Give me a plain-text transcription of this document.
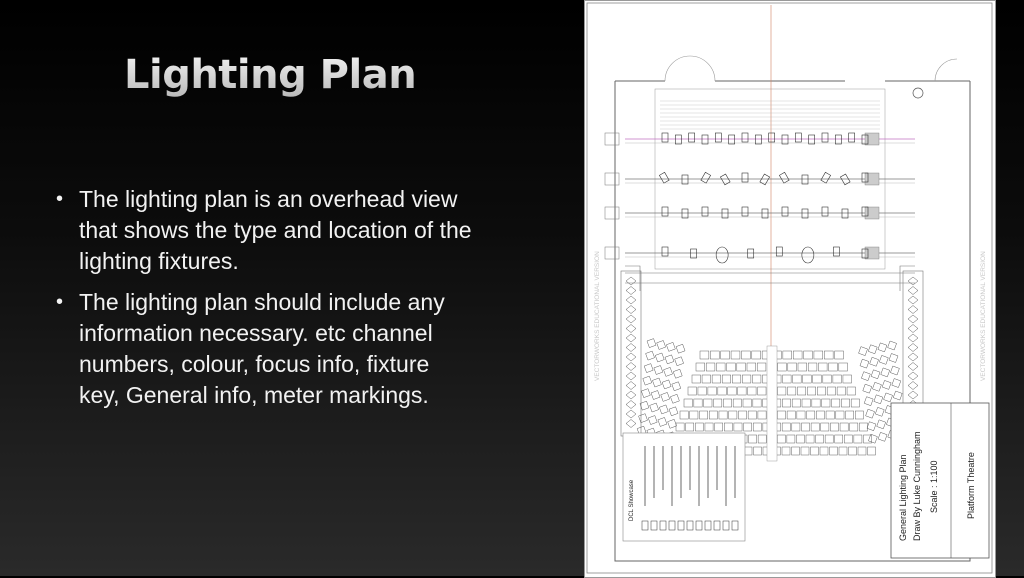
Lighting Plan
• The lighting plan is an overhead view that shows the type and location of the lighting fixtures.
• The lighting plan should include any information necessary. etc channel numbers, colour, focus info, fixture key, General info, meter markings.
VECTORWORKS EDUCATIONAL VERSION	VECTORWORKS EDUCATIONAL VERSION
DCL Showcase	General Lighting Plan Draw By Luke Cunningham Scale : 1:100	Platform Theatre
